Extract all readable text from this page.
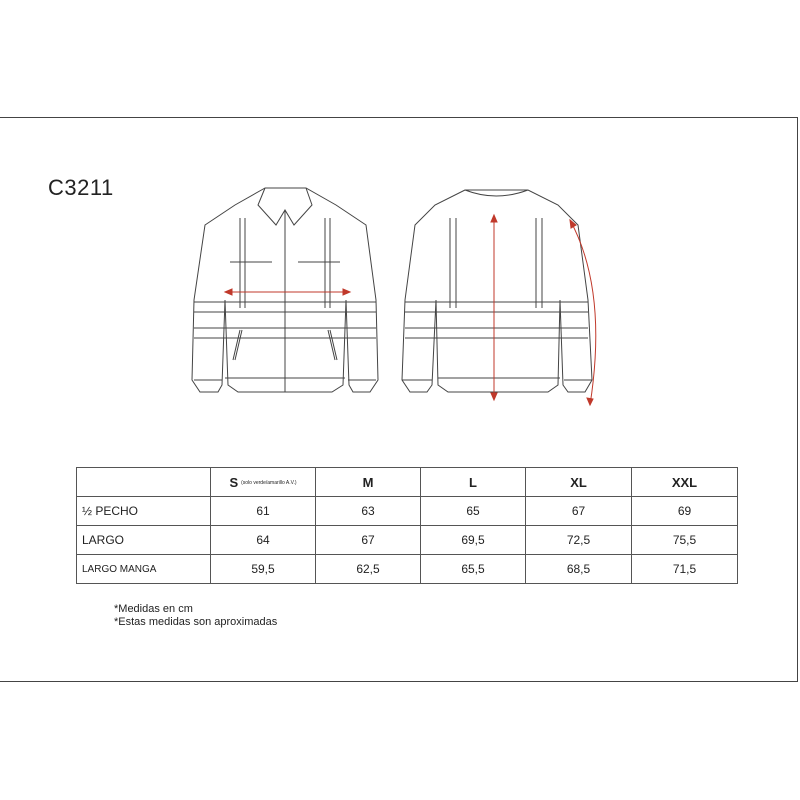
C3211
	S (solo verde/amarillo A.V.)	M	L	XL	XXL
½ PECHO	61	63	65	67	69
LARGO	64	67	69,5	72,5	75,5
LARGO MANGA	59,5	62,5	65,5	68,5	71,5
*Medidas en cm
*Estas medidas son aproximadas
